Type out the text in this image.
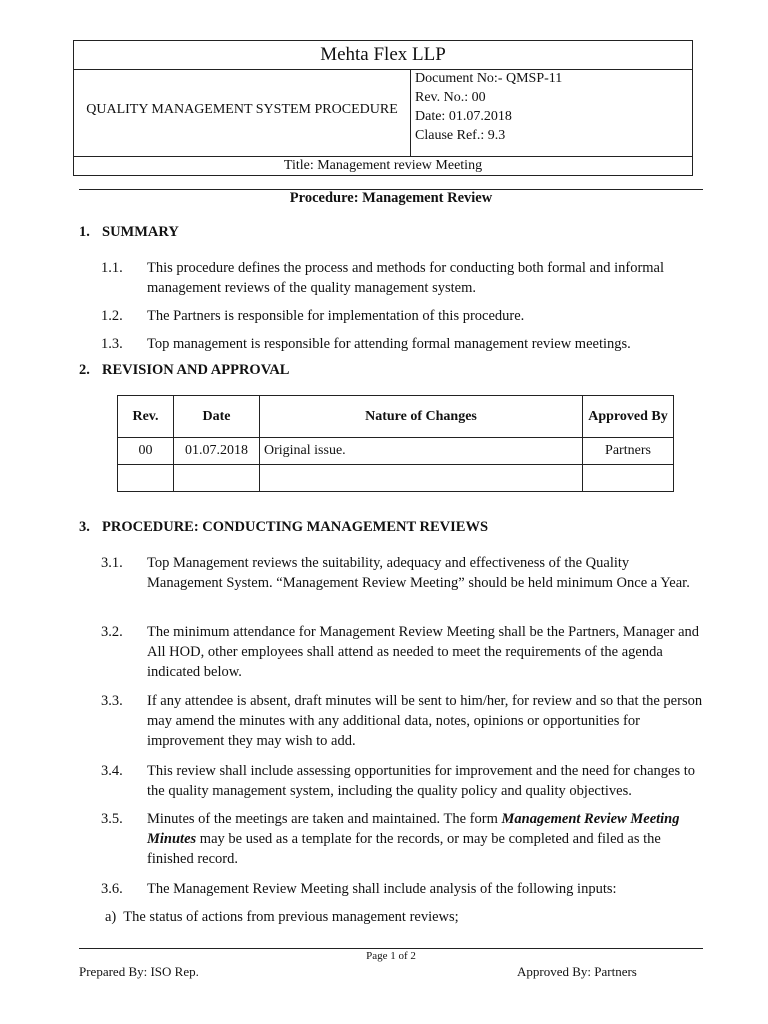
Mehta Flex LLP
QUALITY MANAGEMENT SYSTEM PROCEDURE
Document No:- QMSP-11
Rev. No.: 00
Date: 01.07.2018
Clause Ref.: 9.3
Title: Management review Meeting
Procedure: Management Review
1. SUMMARY
1.1. This procedure defines the process and methods for conducting both formal and informal management reviews of the quality management system.
1.2. The Partners is responsible for implementation of this procedure.
1.3. Top management is responsible for attending formal management review meetings.
2. REVISION AND APPROVAL
Rev.	Date	Nature of Changes	Approved By
00	01.07.2018	Original issue.	Partners

3. PROCEDURE: CONDUCTING MANAGEMENT REVIEWS
3.1. Top Management reviews the suitability, adequacy and effectiveness of the Quality Management System. “Management Review Meeting” should be held minimum Once a Year.
3.2. The minimum attendance for Management Review Meeting shall be the Partners, Manager and All HOD, other employees shall attend as needed to meet the requirements of the agenda indicated below.
3.3. If any attendee is absent, draft minutes will be sent to him/her, for review and so that the person may amend the minutes with any additional data, notes, opinions or opportunities for improvement they may wish to add.
3.4. This review shall include assessing opportunities for improvement and the need for changes to the quality management system, including the quality policy and quality objectives.
3.5. Minutes of the meetings are taken and maintained. The form Management Review Meeting Minutes may be used as a template for the records, or may be completed and filed as the finished record.
3.6. The Management Review Meeting shall include analysis of the following inputs:
a) The status of actions from previous management reviews;
Page 1 of 2
Prepared By: ISO Rep.	Approved By: Partners
